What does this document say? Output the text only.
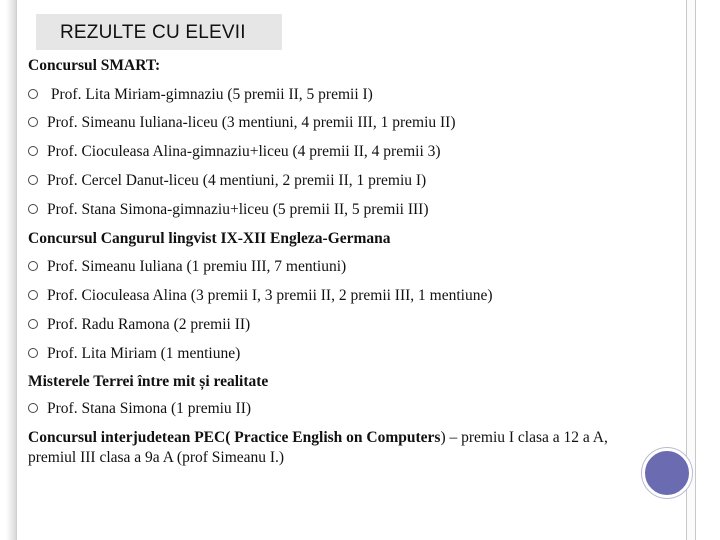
REZULTE CU ELEVII
Concursul SMART:
Prof. Lita Miriam-gimnaziu (5 premii II, 5 premii I)
Prof. Simeanu Iuliana-liceu (3 mentiuni, 4 premii III, 1 premiu II)
Prof. Cioculeasa Alina-gimnaziu+liceu (4 premii II, 4 premii 3)
Prof. Cercel Danut-liceu (4 mentiuni, 2 premii II, 1 premiu I)
Prof. Stana Simona-gimnaziu+liceu (5 premii II, 5 premii III)
Concursul Cangurul lingvist IX-XII Engleza-Germana
Prof. Simeanu Iuliana (1 premiu III, 7 mentiuni)
Prof. Cioculeasa Alina (3 premii I, 3 premii II, 2 premii III, 1 mentiune)
Prof. Radu Ramona (2 premii II)
Prof. Lita Miriam (1 mentiune)
Misterele Terrei între mit și realitate
Prof. Stana Simona (1 premiu II)
Concursul interjudetean PEC( Practice English on Computers) – premiu I clasa a 12 a A, premiul III clasa a 9a A (prof Simeanu I.)
